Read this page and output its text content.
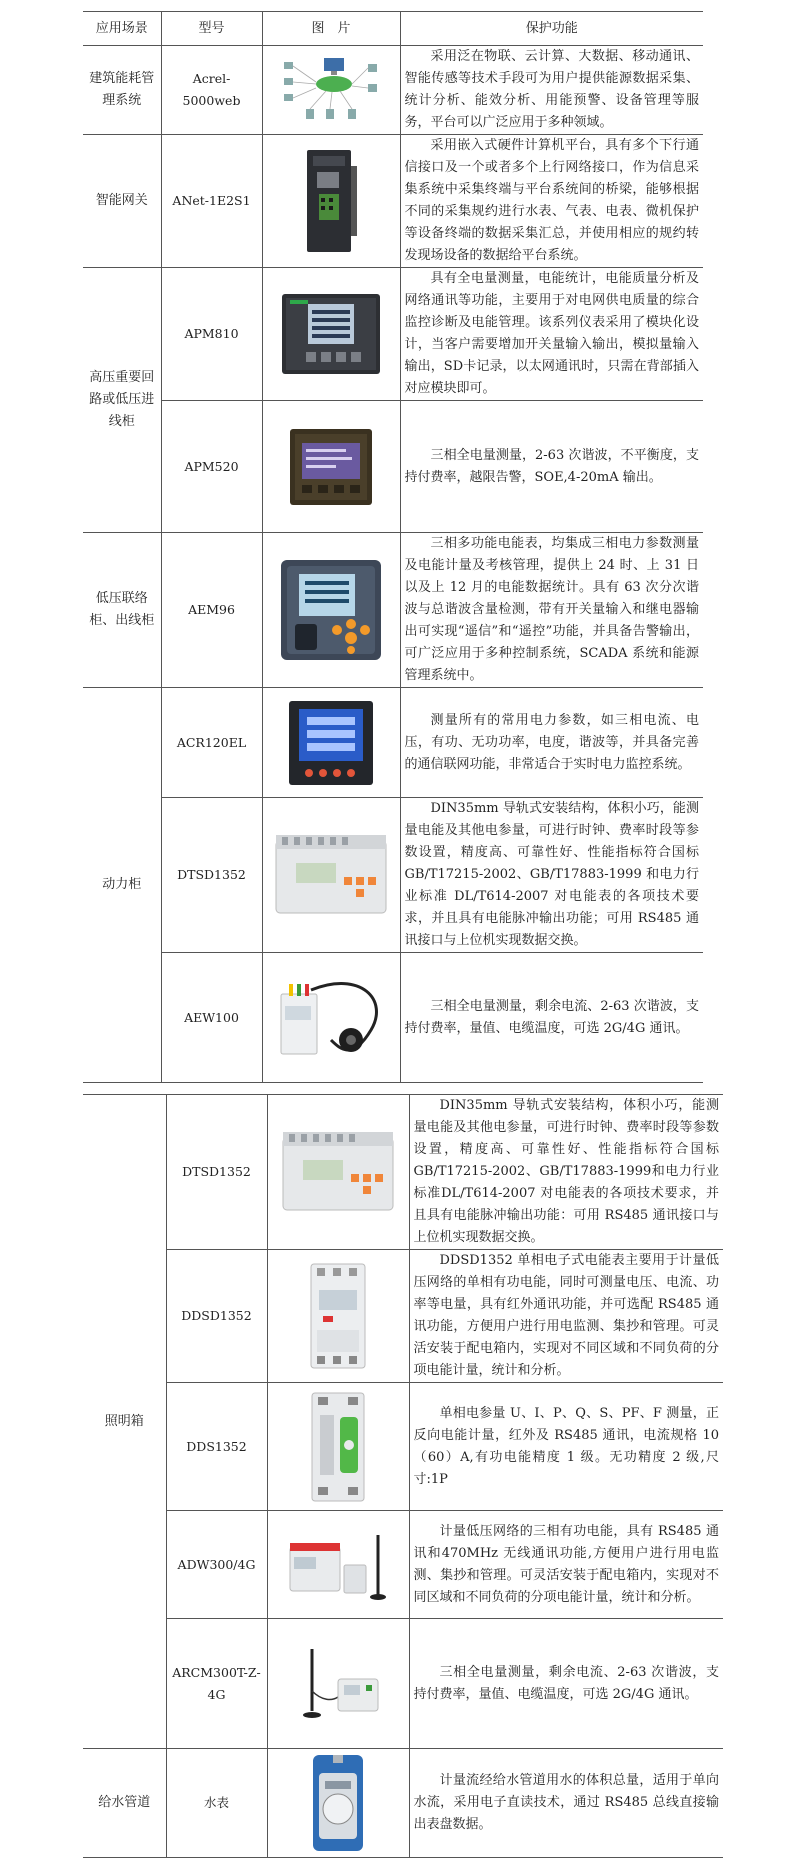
应用场景	型号	图　片	保护功能
建筑能耗管理系统	Acrel-5000web		采用泛在物联、云计算、大数据、移动通讯、智能传感等技术手段可为用户提供能源数据采集、统计分析、能效分析、用能预警、设备管理等服务，平台可以广泛应用于多种领域。
智能网关	ANet-1E2S1		采用嵌入式硬件计算机平台，具有多个下行通信接口及一个或者多个上行网络接口，作为信息采集系统中采集终端与平台系统间的桥梁，能够根据不同的采集规约进行水表、气表、电表、微机保护等设备终端的数据采集汇总，并使用相应的规约转发现场设备的数据给平台系统。
高压重要回路或低压进线柜	APM810		具有全电量测量，电能统计，电能质量分析及网络通讯等功能，主要用于对电网供电质量的综合监控诊断及电能管理。该系列仪表采用了模块化设计，当客户需要增加开关量输入输出，模拟量输入输出，SD卡记录，以太网通讯时，只需在背部插入对应模块即可。
	APM520		三相全电量测量，2-63 次谐波，不平衡度，支持付费率，越限告警，SOE,4-20mA 输出。
低压联络柜、出线柜	AEM96		三相多功能电能表，均集成三相电力参数测量及电能计量及考核管理，提供上 24 时、上 31 日以及上 12 月的电能数据统计。具有 63 次分次谐波与总谐波含量检测，带有开关量输入和继电器输出可实现“遥信”和“遥控”功能，并具备告警输出，可广泛应用于多种控制系统，SCADA 系统和能源管理系统中。
动力柜	ACR120EL		测量所有的常用电力参数，如三相电流、电压，有功、无功功率，电度，谐波等，并具备完善的通信联网功能，非常适合于实时电力监控系统。
	DTSD1352		DIN35mm 导轨式安装结构，体积小巧，能测量电能及其他电参量，可进行时钟、费率时段等参数设置，精度高、可靠性好、性能指标符合国标 GB/T17215-2002、GB/T17883-1999 和电力行业标准 DL/T614-2007 对电能表的各项技术要求，并且具有电能脉冲输出功能；可用 RS485 通讯接口与上位机实现数据交换。
	AEW100		三相全电量测量，剩余电流、2-63 次谐波，支持付费率，量值、电缆温度，可选 2G/4G 通讯。
照明箱	DTSD1352		DIN35mm 导轨式安装结构，体积小巧，能测量电能及其他电参量，可进行时钟、费率时段等参数设置，精度高、可靠性好、性能指标符合国标GB/T17215-2002、GB/T17883-1999和电力行业标准DL/T614-2007 对电能表的各项技术要求，并且具有电能脉冲输出功能：可用 RS485 通讯接口与上位机实现数据交换。
	DDSD1352		DDSD1352 单相电子式电能表主要用于计量低压网络的单相有功电能，同时可测量电压、电流、功率等电量，具有红外通讯功能，并可选配 RS485 通讯功能，方便用户进行用电监测、集抄和管理。可灵活安装于配电箱内，实现对不同区域和不同负荷的分项电能计量，统计和分析。
	DDS1352		单相电参量 U、I、P、Q、S、PF、F 测量，正反向电能计量，红外及 RS485 通讯，电流规格 10（60）A,有功电能精度 1 级。无功精度 2 级,尺寸:1P
	ADW300/4G		计量低压网络的三相有功电能，具有 RS485 通讯和470MHz 无线通讯功能,方便用户进行用电监测、集抄和管理。可灵活安装于配电箱内，实现对不同区域和不同负荷的分项电能计量，统计和分析。
	ARCM300T-Z-4G		三相全电量测量，剩余电流、2-63 次谐波，支持付费率，量值、电缆温度，可选 2G/4G 通讯。
给水管道	水表		计量流经给水管道用水的体积总量，适用于单向水流，采用电子直读技术，通过 RS485 总线直接输出表盘数据。
